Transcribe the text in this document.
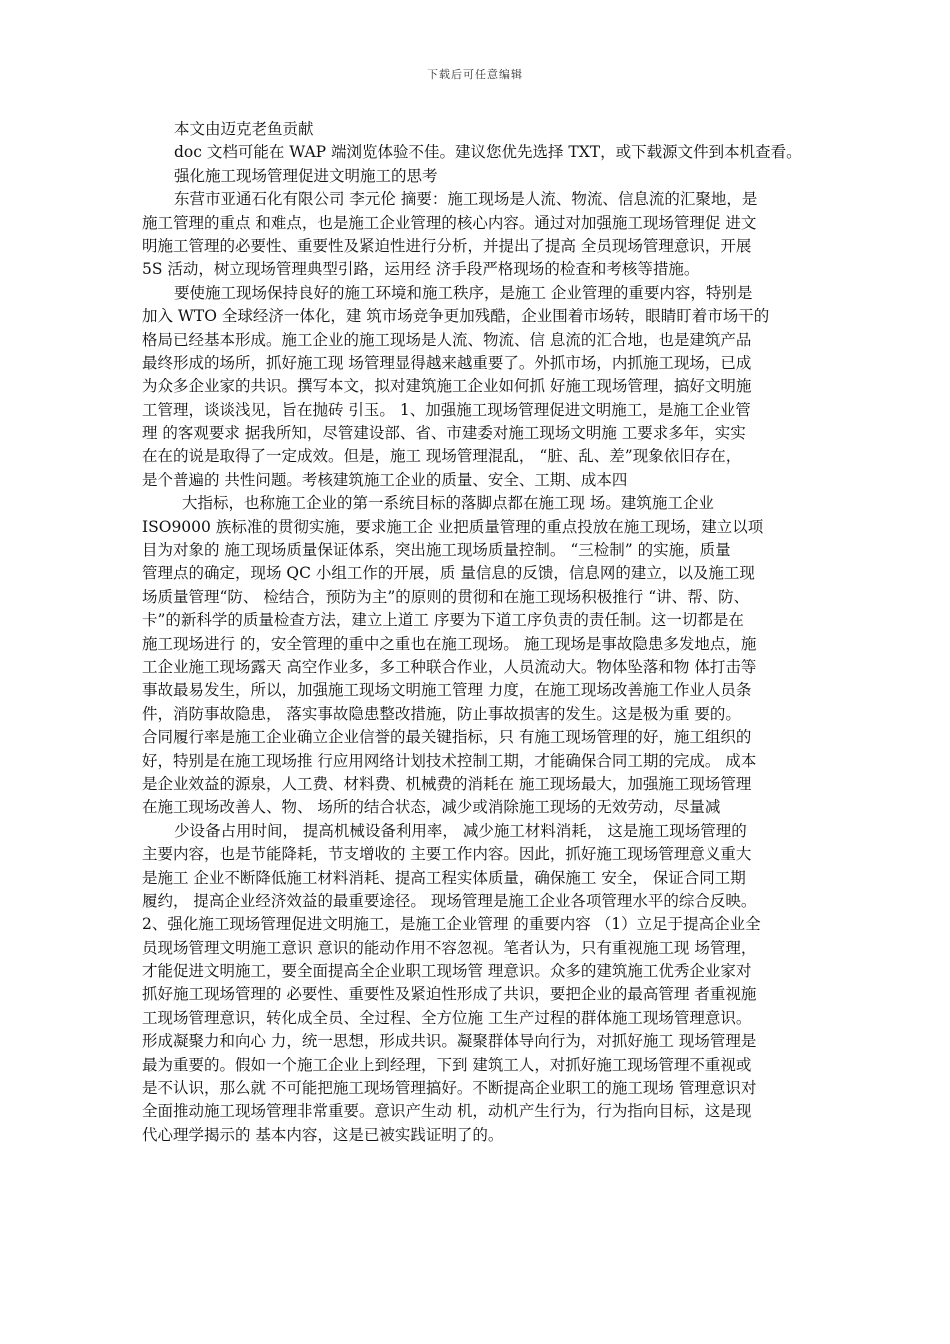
下载后可任意编辑
本文由迈克老鱼贡献
doc 文档可能在 WAP 端浏览体验不佳。建议您优先选择 TXT，或下载源文件到本机查看。
强化施工现场管理促进文明施工的思考
东营市亚通石化有限公司 李元伦 摘要：施工现场是人流、物流、信息流的汇聚地，是
施工管理的重点 和难点，也是施工企业管理的核心内容。通过对加强施工现场管理促 进文
明施工管理的必要性、重要性及紧迫性进行分析，并提出了提高 全员现场管理意识，开展
5S 活动，树立现场管理典型引路，运用经 济手段严格现场的检查和考核等措施。
要使施工现场保持良好的施工环境和施工秩序，是施工 企业管理的重要内容，特别是
加入 WTO 全球经济一体化，建 筑市场竞争更加残酷，企业围着市场转，眼睛盯着市场干的
格局已经基本形成。施工企业的施工现场是人流、物流、信 息流的汇合地，也是建筑产品
最终形成的场所，抓好施工现 场管理显得越来越重要了。外抓市场，内抓施工现场，已成
为众多企业家的共识。撰写本文，拟对建筑施工企业如何抓 好施工现场管理，搞好文明施
工管理，谈谈浅见，旨在抛砖 引玉。 1、加强施工现场管理促进文明施工，是施工企业管
理 的客观要求 据我所知，尽管建设部、省、市建委对施工现场文明施 工要求多年，实实
在在的说是取得了一定成效。但是，施工 现场管理混乱， “脏、乱、差”现象依旧存在，
是个普遍的 共性问题。考核建筑施工企业的质量、安全、工期、成本四
大指标，也称施工企业的第一系统目标的落脚点都在施工现 场。建筑施工企业
ISO9000 族标准的贯彻实施，要求施工企 业把质量管理的重点投放在施工现场，建立以项
目为对象的 施工现场质量保证体系，突出施工现场质量控制。 “三检制” 的实施，质量
管理点的确定，现场 QC 小组工作的开展，质 量信息的反馈，信息网的建立，以及施工现
场质量管理“防、 检结合，预防为主”的原则的贯彻和在施工现场积极推行 “讲、帮、防、
卡”的新科学的质量检查方法，建立上道工 序要为下道工序负责的责任制。这一切都是在
施工现场进行 的，安全管理的重中之重也在施工现场。 施工现场是事故隐患多发地点，施
工企业施工现场露天 高空作业多，多工种联合作业，人员流动大。物体坠落和物 体打击等
事故最易发生，所以，加强施工现场文明施工管理 力度，在施工现场改善施工作业人员条
件，消防事故隐患， 落实事故隐患整改措施，防止事故损害的发生。这是极为重 要的。
合同履行率是施工企业确立企业信誉的最关键指标，只 有施工现场管理的好，施工组织的
好，特别是在施工现场推 行应用网络计划技术控制工期，才能确保合同工期的完成。 成本
是企业效益的源泉，人工费、材料费、机械费的消耗在 施工现场最大，加强施工现场管理
在施工现场改善人、物、 场所的结合状态，减少或消除施工现场的无效劳动，尽量减
少设备占用时间， 提高机械设备利用率， 减少施工材料消耗， 这是施工现场管理的
主要内容，也是节能降耗，节支增收的 主要工作内容。因此，抓好施工现场管理意义重大
是施工 企业不断降低施工材料消耗、提高工程实体质量，确保施工 安全， 保证合同工期
履约， 提高企业经济效益的最重要途径。 现场管理是施工企业各项管理水平的综合反映。
2、强化施工现场管理促进文明施工，是施工企业管理 的重要内容 （1）立足于提高企业全
员现场管理文明施工意识 意识的能动作用不容忽视。笔者认为，只有重视施工现 场管理，
才能促进文明施工，要全面提高全企业职工现场管 理意识。众多的建筑施工优秀企业家对
抓好施工现场管理的 必要性、重要性及紧迫性形成了共识，要把企业的最高管理 者重视施
工现场管理意识，转化成全员、全过程、全方位施 工生产过程的群体施工现场管理意识。
形成凝聚力和向心 力，统一思想，形成共识。凝聚群体导向行为，对抓好施工 现场管理是
最为重要的。假如一个施工企业上到经理，下到 建筑工人，对抓好施工现场管理不重视或
是不认识，那么就 不可能把施工现场管理搞好。不断提高企业职工的施工现场 管理意识对
全面推动施工现场管理非常重要。意识产生动 机，动机产生行为，行为指向目标，这是现
代心理学揭示的 基本内容，这是已被实践证明了的。
